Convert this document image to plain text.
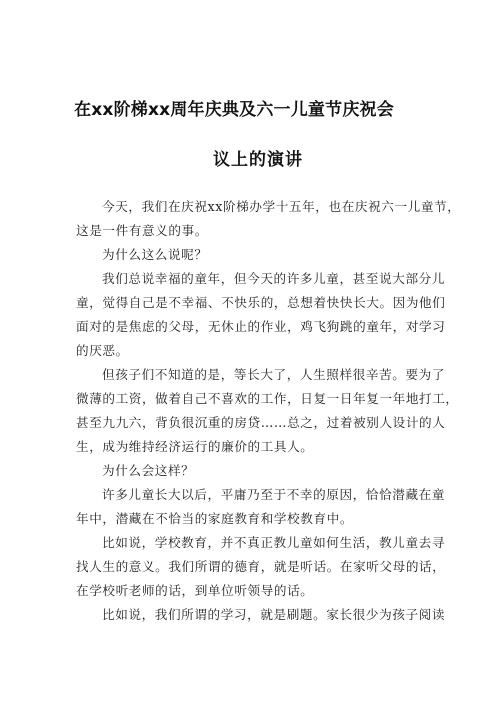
在xx阶梯xx周年庆典及六一儿童节庆祝会
议上的演讲
今天，我们在庆祝xx阶梯办学十五年，也在庆祝六一儿童节，
这是一件有意义的事。
为什么这么说呢？
我们总说幸福的童年，但今天的许多儿童，甚至说大部分儿
童，觉得自己是不幸福、不快乐的，总想着快快长大。因为他们
面对的是焦虑的父母，无休止的作业，鸡飞狗跳的童年，对学习
的厌恶。
但孩子们不知道的是，等长大了，人生照样很辛苦。要为了
微薄的工资，做着自己不喜欢的工作，日复一日年复一年地打工，
甚至九九六，背负很沉重的房贷……总之，过着被别人设计的人
生，成为维持经济运行的廉价的工具人。
为什么会这样？
许多儿童长大以后，平庸乃至于不幸的原因，恰恰潜藏在童
年中，潜藏在不恰当的家庭教育和学校教育中。
比如说，学校教育，并不真正教儿童如何生活，教儿童去寻
找人生的意义。我们所谓的德育，就是听话。在家听父母的话，
在学校听老师的话，到单位听领导的话。
比如说，我们所谓的学习，就是刷题。家长很少为孩子阅读
